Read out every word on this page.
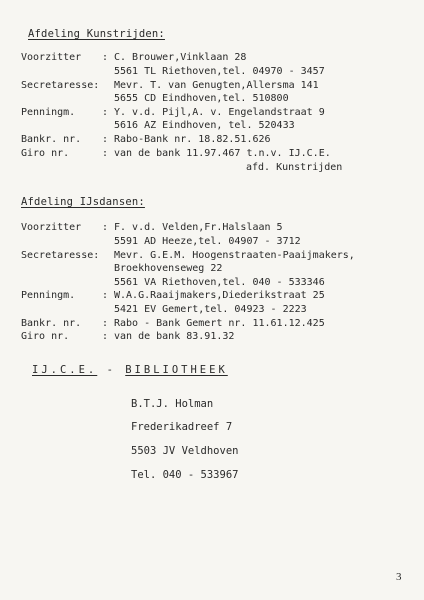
Afdeling Kunstrijden:
Voorzitter : C. Brouwer,Vinklaan 28
5561 TL Riethoven,tel. 04970 - 3457
Secretaresse: Mevr. T. van Genugten,Allersma 141
5655 CD Eindhoven,tel. 510800
Penningm.	: Y. v.d. Pijl,A. v. Engelandstraat 9
5616 AZ Eindhoven, tel. 520433
Bankr. nr. : Rabo-Bank nr. 18.82.51.626
Giro nr.	: van de bank 11.97.467 t.n.v. IJ.C.E.
afd. Kunstrijden
Afdeling IJsdansen:
Voorzitter : F. v.d. Velden,Fr.Halslaan 5
5591 AD Heeze,tel. 04907 - 3712
Secretaresse: Mevr. G.E.M. Hoogenstraaten-Paaijmakers,
Broekhovenseweg 22
5561 VA Riethoven,tel. 040 - 533346
Penningm.	: W.A.G.Raaijmakers,Diederikstraat 25
5421 EV Gemert,tel. 04923 - 2223
Bankr. nr. : Rabo - Bank Gemert nr. 11.61.12.425
Giro nr.	: van de bank 83.91.32
IJ.C.E. - BIBLIOTHEEK
B.T.J. Holman
Frederikadreef 7
5503 JV Veldhoven
Tel. 040 - 533967
3
